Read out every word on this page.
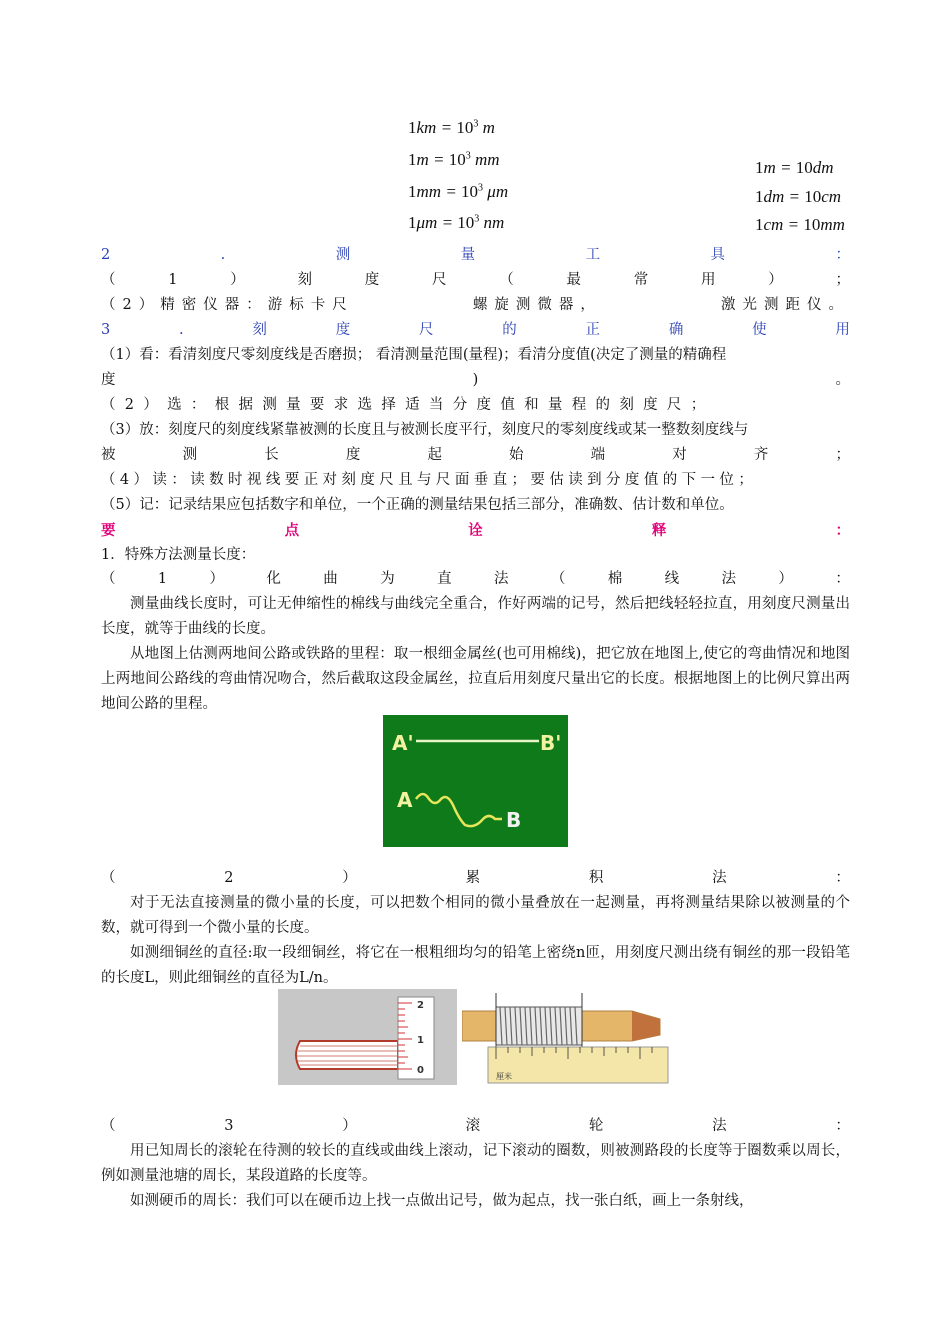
$1km = 10^3$ m
$1m = 10^3$ mm
$1mm = 10^3$ μm
$1\mu m = 10^3$ nm
1m = 10dm
1dm = 10cm
1cm = 10mm
2	.	测	量	工	具	：
（	1	）	刻	度	尺	（	最	常	用	）	；
（2）精密仪器：游标卡尺	螺旋测微器，	激光测距仪。
3	.	刻	度	尺	的	正	确	使	用
（1）看：看清刻度尺零刻度线是否磨损； 看清测量范围(量程)；看清分度值(决定了测量的精确程
度	)	。
（2）选：根据测量要求选择适当分度值和量程的刻度尺；
（3）放：刻度尺的刻度线紧靠被测的长度且与被测长度平行，刻度尺的零刻度线或某一整数刻度线与
被	测	长	度	起	始	端	对	齐	；
（4）读：读数时视线要正对刻度尺且与尺面垂直；要估读到分度值的下一位；
（5）记：记录结果应包括数字和单位，一个正确的测量结果包括三部分，准确数、估计数和单位。
要	点	诠	释	：
1．特殊方法测量长度：
（	1	）	化	曲	为	直	法	（	棉	线	法	）	：
测量曲线长度时，可让无伸缩性的棉线与曲线完全重合，作好两端的记号，然后把线轻轻拉直，用刻度尺测量出长度，就等于曲线的长度。
从地图上估测两地间公路或铁路的里程：取一根细金属丝(也可用棉线)，把它放在地图上,使它的弯曲情况和地图上两地间公路线的弯曲情况吻合，然后截取这段金属丝，拉直后用刻度尺量出它的长度。根据地图上的比例尺算出两地间公路的里程。
A'	B'
A
B
（	2	）	累	积	法	：
对于无法直接测量的微小量的长度，可以把数个相同的微小量叠放在一起测量，再将测量结果除以被测量的个数，就可得到一个微小量的长度。
如测细铜丝的直径:取一段细铜丝，将它在一根粗细均匀的铅笔上密绕n匝，用刻度尺测出绕有铜丝的那一段铅笔的长度L，则此细铜丝的直径为L/n。
2
1
0
厘米
（	3	）	滚	轮	法	：
用已知周长的滚轮在待测的较长的直线或曲线上滚动，记下滚动的圈数，则被测路段的长度等于圈数乘以周长，例如测量池塘的周长，某段道路的长度等。
如测硬币的周长：我们可以在硬币边上找一点做出记号，做为起点，找一张白纸，画上一条射线，
